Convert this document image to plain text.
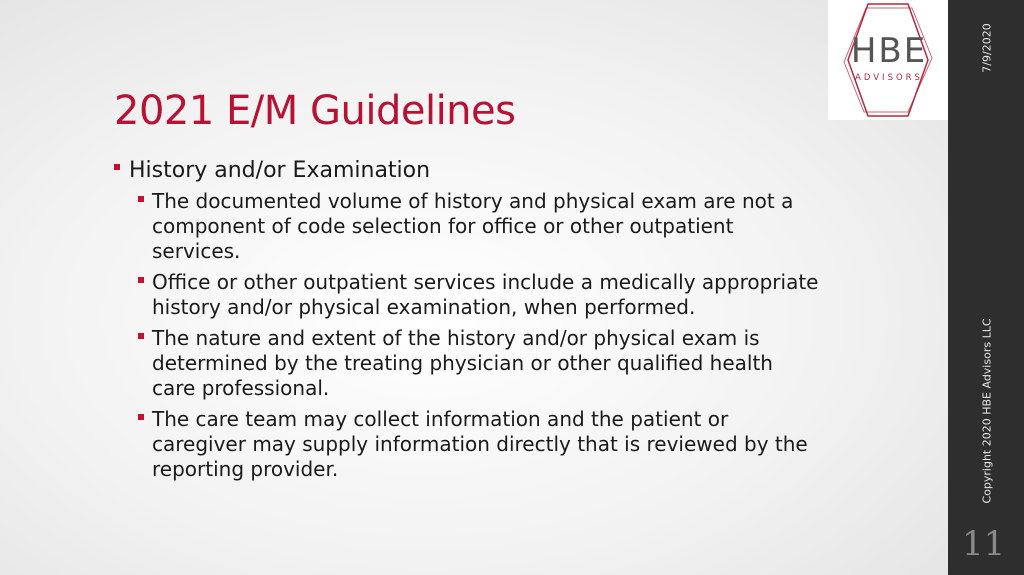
HBE
ADVISORS
7/9/2020
Copyright 2020 HBE Advisors LLC
11
2021 E/M Guidelines
History and/or Examination
The documented volume of history and physical exam are not a component of code selection for office or other outpatient services.
Office or other outpatient services include a medically appropriate history and/or physical examination, when performed.
The nature and extent of the history and/or physical exam is determined by the treating physician or other qualified health care professional.
The care team may collect information and the patient or caregiver may supply information directly that is reviewed by the reporting provider.
